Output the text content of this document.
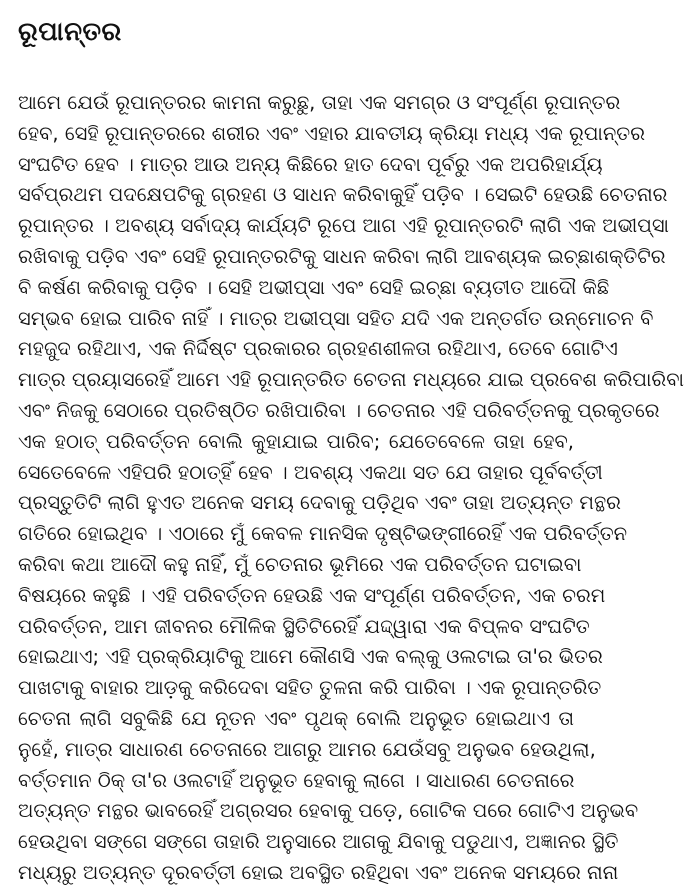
ରୂପାନ୍ତର
ଆମେ ଯେଉଁ ରୂପାନ୍ତରର କାମନା କରୁଛୁ, ତାହା ଏକ ସମଗ୍ର ଓ ସଂପୂର୍ଣ୍ଣ ରୂପାନ୍ତର
ହେବ, ସେହି ରୂପାନ୍ତରରେ ଶରୀର ଏବଂ ଏହାର ଯାବତୀୟ କ୍ରିୟା ମଧ୍ୟ ଏକ ରୂପାନ୍ତର
ସଂଘଟିତ ହେବ । ମାତ୍ର ଆଉ ଅନ୍ୟ କିଛିରେ ହାତ ଦେବା ପୂର୍ବରୁ ଏକ ଅପରିହାର୍ଯ୍ୟ
ସର୍ବପ୍ରଥମ ପଦକ୍ଷେପଟିକୁ ଗ୍ରହଣ ଓ ସାଧନ କରିବାକୁହିଁ ପଡ଼ିବ । ସେଇଟି ହେଉଛି ଚେତନାର
ରୂପାନ୍ତର । ଅବଶ୍ୟ ସର୍ବାଦ୍ୟ କାର୍ଯ୍ୟଟି ରୂପେ ଆଗ ଏହି ରୂପାନ୍ତରଟି ଲାଗି ଏକ ଅଭୀପ୍ସା
ରଖିବାକୁ ପଡ଼ିବ ଏବଂ ସେହି ରୂପାନ୍ତରଟିକୁ ସାଧନ କରିବା ଲାଗି ଆବଶ୍ୟକ ଇଚ୍ଛାଶକ୍ତିଟିର
ବି କର୍ଷଣ କରିବାକୁ ପଡ଼ିବ । ସେହି ଅଭୀପ୍ସା ଏବଂ ସେହି ଇଚ୍ଛା ବ୍ୟତୀତ ଆଦୌ କିଛି
ସମ୍ଭବ ହୋଇ ପାରିବ ନାହିଁ । ମାତ୍ର ଅଭୀପ୍ସା ସହିତ ଯଦି ଏକ ଅନ୍ତର୍ଗତ ଉନ୍ମୋଚନ ବି
ମହଜୁଦ ରହିଥାଏ, ଏକ ନିର୍ଦ୍ଦିଷ୍ଟ ପ୍ରକାରର ଗ୍ରହଣଶୀଳତା ରହିଥାଏ, ତେବେ ଗୋଟିଏ
ମାତ୍ର ପ୍ରୟାସରେହିଁ ଆମେ ଏହି ରୂପାନ୍ତରିତ ଚେତନା ମଧ୍ୟରେ ଯାଇ ପ୍ରବେଶ କରିପାରିବା
ଏବଂ ନିଜକୁ ସେଠାରେ ପ୍ରତିଷ୍ଠିତ ରଖିପାରିବା । ଚେତନାର ଏହି ପରିବର୍ତ୍ତନକୁ ପ୍ରକୃତରେ
ଏକ ହଠାତ୍ ପରିବର୍ତ୍ତନ ବୋଲି କୁହାଯାଇ ପାରିବ; ଯେତେବେଳେ ତାହା ହେବ,
ସେତେବେଳେ ଏହିପରି ହଠାତ୍‌ହିଁ ହେବ । ଅବଶ୍ୟ ଏକଥା ସତ ଯେ ତାହାର ପୂର୍ବବର୍ତ୍ତୀ
ପ୍ରସ୍ତୁତିଟି ଲାଗି ହୁଏତ ଅନେକ ସମୟ ଦେବାକୁ ପଡ଼ିଥିବ ଏବଂ ତାହା ଅତ୍ୟନ୍ତ ମନ୍ଥର
ଗତିରେ ହୋଇଥିବ । ଏଠାରେ ମୁଁ କେବଳ ମାନସିକ ଦୃଷ୍ଟିଭଙ୍ଗୀରେହିଁ ଏକ ପରିବର୍ତ୍ତନ
କରିବା କଥା ଆଦୌ କହୁ ନାହିଁ, ମୁଁ ଚେତନାର ଭୂମିରେ ଏକ ପରିବର୍ତ୍ତନ ଘଟାଇବା
ବିଷୟରେ କହୁଛି । ଏହି ପରିବର୍ତ୍ତନ ହେଉଛି ଏକ ସଂପୂର୍ଣ୍ଣ ପରିବର୍ତ୍ତନ, ଏକ ଚରମ
ପରିବର୍ତ୍ତନ, ଆମ ଜୀବନର ମୌଳିକ ସ୍ଥିତିଟିରେହିଁ ଯଦ୍ଦ୍ୱାରା ଏକ ବିପ୍ଳବ ସଂଘଟିତ
ହୋଇଥାଏ; ଏହି ପ୍ରକ୍ରିୟାଟିକୁ ଆମେ କୌଣସି ଏକ ବଲ୍‌କୁ ଓଲଟାଇ ତା'ର ଭିତର
ପାଖଟାକୁ ବାହାର ଆଡ଼କୁ କରିଦେବା ସହିତ ତୁଳନା କରି ପାରିବା । ଏକ ରୂପାନ୍ତରିତ
ଚେତନା ଲାଗି ସବୁକିଛି ଯେ ନୂତନ ଏବଂ ପୃଥକ୍ ବୋଲି ଅନୁଭୂତ ହୋଇଥାଏ ତା
ନୁହେଁ, ମାତ୍ର ସାଧାରଣ ଚେତନାରେ ଆଗରୁ ଆମର ଯେଉଁସବୁ ଅନୁଭବ ହେଉଥିଲା,
ବର୍ତ୍ତମାନ ଠିକ୍ ତା'ର ଓଲଟାହିଁ ଅନୁଭୂତ ହେବାକୁ ଲାଗେ । ସାଧାରଣ ଚେତନାରେ
ଅତ୍ୟନ୍ତ ମନ୍ଥର ଭାବରେହିଁ ଅଗ୍ରସର ହେବାକୁ ପଡ଼େ, ଗୋଟିକ ପରେ ଗୋଟିଏ ଅନୁଭବ
ହେଉଥିବା ସଙ୍ଗେ ସଙ୍ଗେ ତାହାରି ଅନୁସାରେ ଆଗକୁ ଯିବାକୁ ପଡୁଥାଏ, ଅଜ୍ଞାନର ସ୍ଥିତି
ମଧ୍ୟରୁ ଅତ୍ୟନ୍ତ ଦୂରବର୍ତ୍ତୀ ହୋଇ ଅବସ୍ଥିତ ରହିଥିବା ଏବଂ ଅନେକ ସମୟରେ ନାନା
